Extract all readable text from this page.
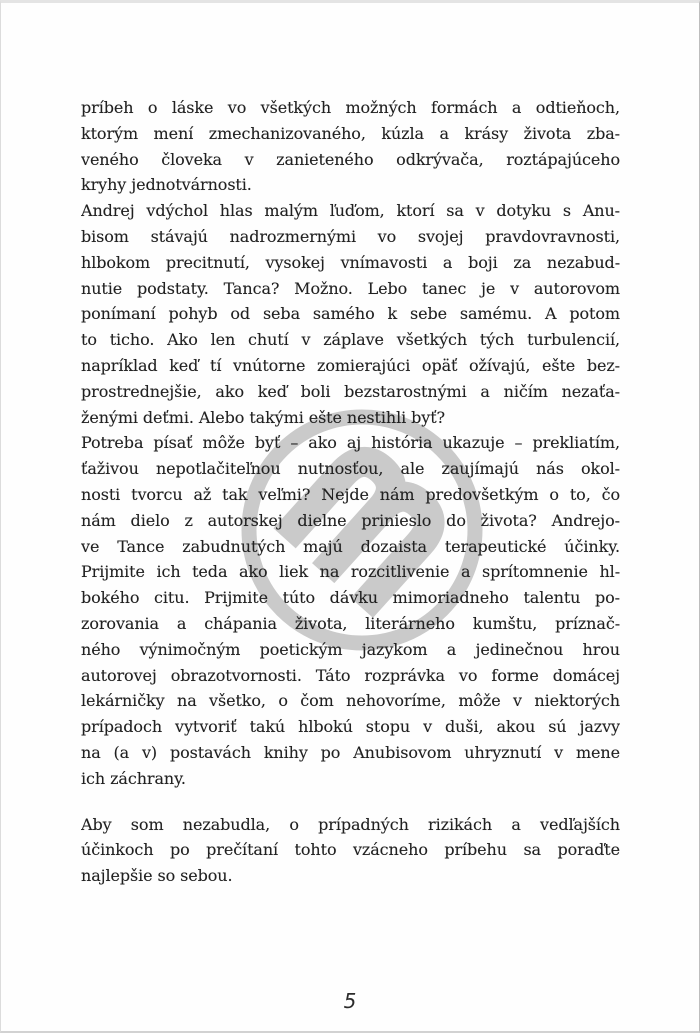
príbeh o láske vo všetkých možných formách a odtieňoch,
ktorým mení zmechanizovaného, kúzla a krásy života zba-
veného človeka v zanieteného odkrývača, roztápajúceho
kryhy jednotvárnosti.

Andrej vdýchol hlas malým ľuďom, ktorí sa v dotyku s Anu-
bisom stávajú nadrozmernými vo svojej pravdovravnosti,
hlbokom precitnutí, vysokej vnímavosti a boji za nezabud-
nutie podstaty. Tanca? Možno. Lebo tanec je v autorovom
ponímaní pohyb od seba samého k sebe samému. A potom
to ticho. Ako len chutí v záplave všetkých tých turbulencií,
napríklad keď tí vnútorne zomierajúci opäť ožívajú, ešte bez-
prostrednejšie, ako keď boli bezstarostnými a ničím nezaťa-
ženými deťmi. Alebo takými ešte nestihli byť?

Potreba písať môže byť – ako aj história ukazuje – prekliatím,
ťaživou nepotlačiteľnou nutnosťou, ale zaujímajú nás okol-
nosti tvorcu až tak veľmi? Nejde nám predovšetkým o to, čo
nám dielo z autorskej dielne prinieslo do života? Andrejo-
ve Tance zabudnutých majú dozaista terapeutické účinky.
Prijmite ich teda ako liek na rozcitlivenie a sprítomnenie hl-
bokého citu. Prijmite túto dávku mimoriadneho talentu po-
zorovania a chápania života, literárneho kumštu, príznač-
ného výnimočným poetickým jazykom a jedinečnou hrou
autorovej obrazotvornosti. Táto rozprávka vo forme domácej
lekárničky na všetko, o čom nehovoríme, môže v niektorých
prípadoch vytvoriť takú hlbokú stopu v duši, akou sú jazvy
na (a v) postavách knihy po Anubisovom uhryznutí v mene
ich záchrany.

Aby som nezabudla, o prípadných rizikách a vedľajších
účinkoch po prečítaní tohto vzácneho príbehu sa poraďte
najlepšie so sebou.

5
